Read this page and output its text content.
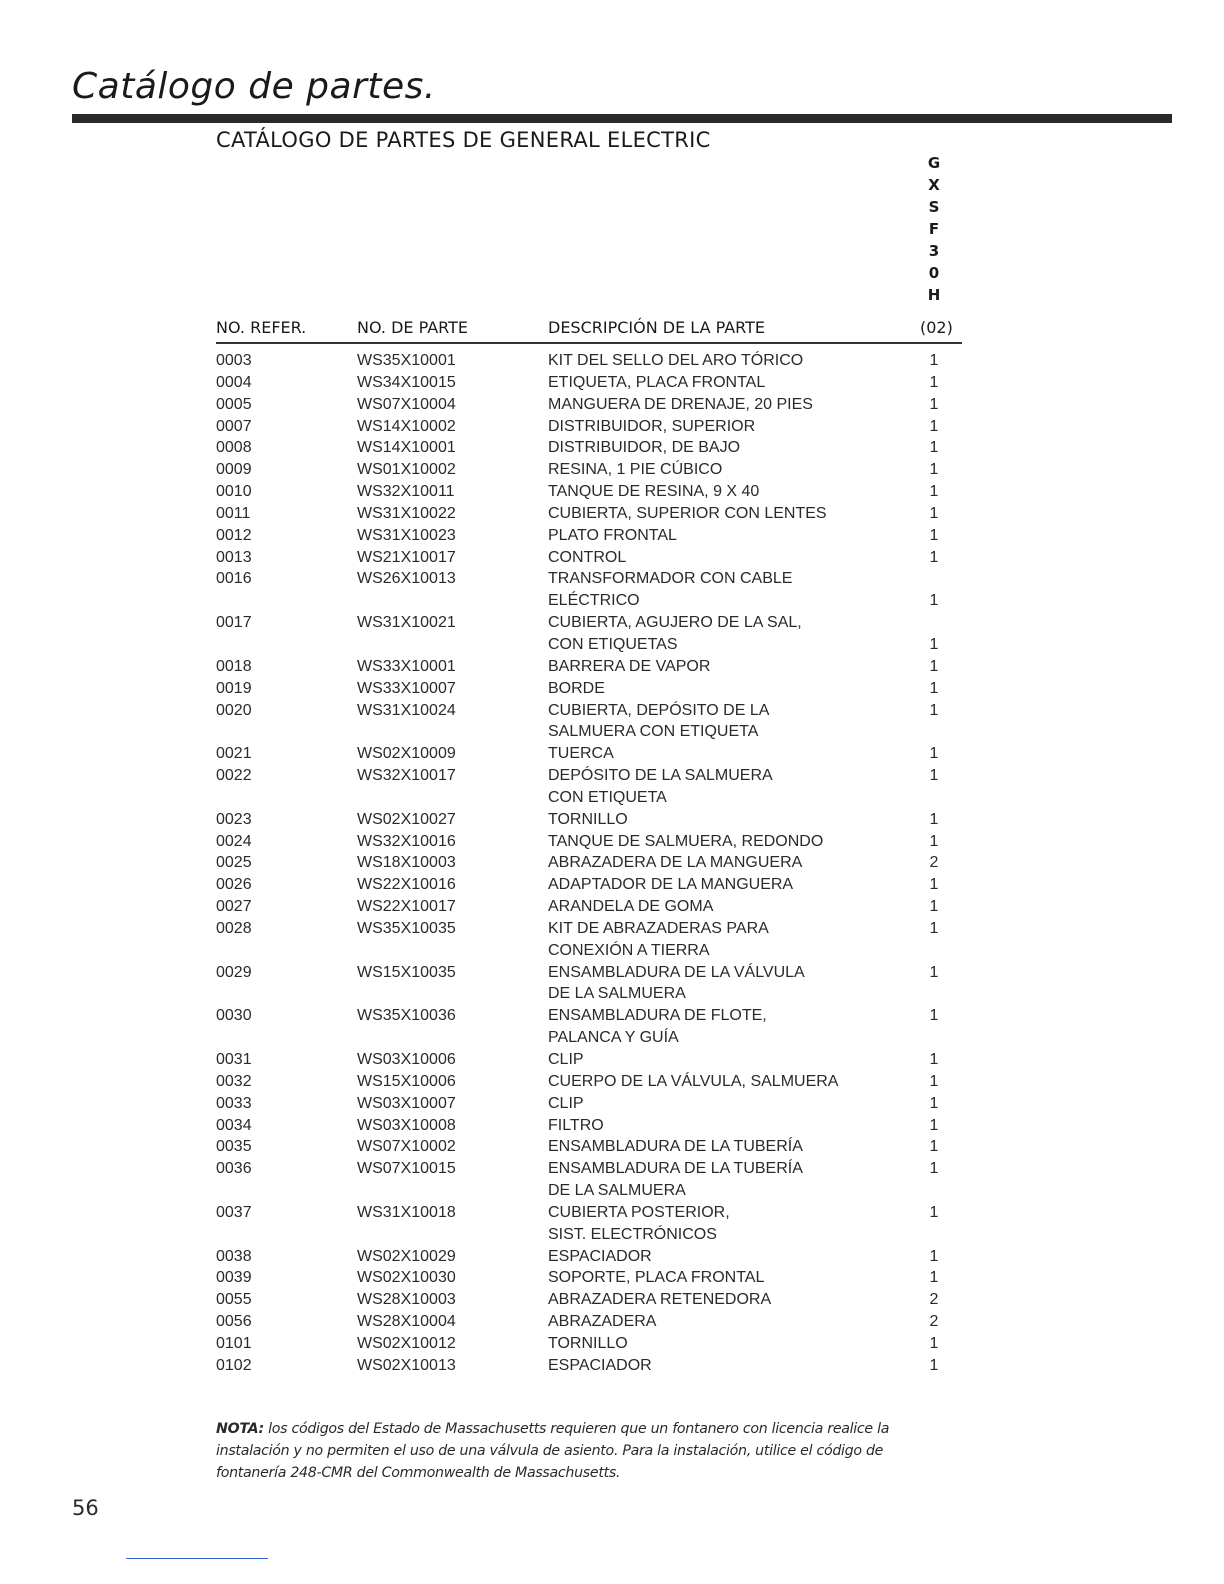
Catálogo de partes.
CATÁLOGO DE PARTES DE GENERAL ELECTRIC
G
X
S
F
3
0
H
NO. REFER.	NO. DE PARTE	DESCRIPCIÓN DE LA PARTE	(02)
0003	WS35X10001	KIT DEL SELLO DEL ARO TÓRICO	1
0004	WS34X10015	ETIQUETA, PLACA FRONTAL	1
0005	WS07X10004	MANGUERA DE DRENAJE, 20 PIES	1
0007	WS14X10002	DISTRIBUIDOR, SUPERIOR	1
0008	WS14X10001	DISTRIBUIDOR, DE BAJO	1
0009	WS01X10002	RESINA, 1 PIE CÚBICO	1
0010	WS32X10011	TANQUE DE RESINA, 9 X 40	1
0011	WS31X10022	CUBIERTA, SUPERIOR CON LENTES	1
0012	WS31X10023	PLATO FRONTAL	1
0013	WS21X10017	CONTROL	1
0016	WS26X10013	TRANSFORMADOR CON CABLE
ELÉCTRICO	1
0017	WS31X10021	CUBIERTA, AGUJERO DE LA SAL,
CON ETIQUETAS	1
0018	WS33X10001	BARRERA DE VAPOR	1
0019	WS33X10007	BORDE	1
0020	WS31X10024	CUBIERTA, DEPÓSITO DE LA	1
SALMUERA CON ETIQUETA
0021	WS02X10009	TUERCA	1
0022	WS32X10017	DEPÓSITO DE LA SALMUERA	1
CON ETIQUETA
0023	WS02X10027	TORNILLO	1
0024	WS32X10016	TANQUE DE SALMUERA, REDONDO	1
0025	WS18X10003	ABRAZADERA DE LA MANGUERA	2
0026	WS22X10016	ADAPTADOR DE LA MANGUERA	1
0027	WS22X10017	ARANDELA DE GOMA	1
0028	WS35X10035	KIT DE ABRAZADERAS PARA	1
CONEXIÓN A TIERRA
0029	WS15X10035	ENSAMBLADURA DE LA VÁLVULA	1
DE LA SALMUERA
0030	WS35X10036	ENSAMBLADURA DE FLOTE,	1
PALANCA Y GUÍA
0031	WS03X10006	CLIP	1
0032	WS15X10006	CUERPO DE LA VÁLVULA, SALMUERA	1
0033	WS03X10007	CLIP	1
0034	WS03X10008	FILTRO	1
0035	WS07X10002	ENSAMBLADURA DE LA TUBERÍA	1
0036	WS07X10015	ENSAMBLADURA DE LA TUBERÍA	1
DE LA SALMUERA
0037	WS31X10018	CUBIERTA POSTERIOR,	1
SIST. ELECTRÓNICOS
0038	WS02X10029	ESPACIADOR	1
0039	WS02X10030	SOPORTE, PLACA FRONTAL	1
0055	WS28X10003	ABRAZADERA RETENEDORA	2
0056	WS28X10004	ABRAZADERA	2
0101	WS02X10012	TORNILLO	1
0102	WS02X10013	ESPACIADOR	1
NOTA: los códigos del Estado de Massachusetts requieren que un fontanero con licencia realice la instalación y no permiten el uso de una válvula de asiento. Para la instalación, utilice el código de fontanería 248-CMR del Commonwealth de Massachusetts.
56
